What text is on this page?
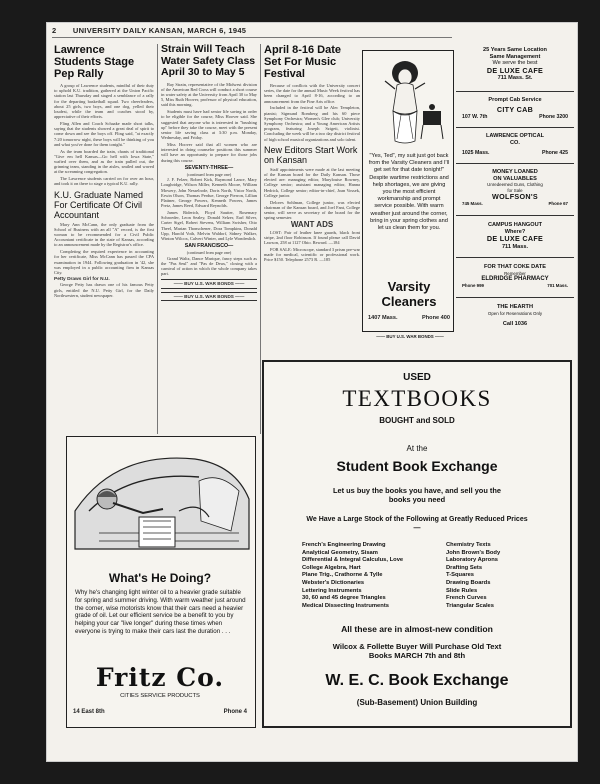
2 UNIVERSITY DAILY KANSAN, MARCH 6, 1945
Lawrence Students Stage Pep Rally

A group of Lawrence students, mindful of their duty to uphold K.U. tradition, gathered at the Union Pacific station last Thursday and staged a semblance of a rally for the departing basketball squad. Two cheerleaders, about 25 girls, two boys, and one dog, yelled their loudest, while the team and coaches stood by, appreciative of their efforts.

Fling Allen and Coach Schaake made short talks, saying that the students showed a great deal of spirit to come down and see the boys off. Fling said, "at exactly 7:20 tomorrow night, these boys will be thinking of you and what you've done for them tonight."

As the team boarded the train, chants of traditional "Give em hell Kansas—Go hell with Iowa State," wafted over them, and as the train pulled out, the grinning team, standing in the aisles, smiled and waved at the screaming congregation.

The Lawrence students carried on for over an hour, and took it on there to stage a typical K.U. rally.

K.U. Graduate Named For Certificate Of Civil Accountant

Mary Ann McCann, the only graduate from the School of Business with an all "A" record, is the first woman to be recommended for a Civil Public Accountant certificate in the state of Kansas, according to an announcement made by the Registrar's office.

Completing the required experience in accounting for her certificate, Miss McCann has passed the CPA examination in 1944. Following graduation in '42, she was employed in a public accounting firm in Kansas City.

Petty Draws Girl for N.U.

George Petty has drawn one of his famous Petty girls, entitled the N.U. Petty Girl, for the Daily Northwestern, student newspaper.

Strain Will Teach Water Safety Class April 30 to May 5

Ray Strain, representative of the Midwest division of the American Red Cross will conduct a short course in water safety at the University from April 30 to May 5, Miss Ruth Hoover, professor of physical education, said this morning.

Students must have had senior life saving in order to be eligible for the course, Miss Hoover said. She suggested that anyone who is interested in "brushing up" before they take the course, meet with the present senior life saving class at 3:30 p.m. Monday, Wednesday, and Friday.

Miss Hoover said that all women who are interested in doing counselor positions this summer will have an opportunity to prepare for those jobs during this course.

SEVENTY-THREE—
(continued from page one)

J. F. Felzer, Robert Kirk, Raymond Lance, Mary Loughridge, Wilson Miller, Kenneth Moore, William Mowery, John Nesselrode, Doris North, Vistor North, Erwin Olson, Thomas Perdue, George Pierron, Lillian Plattner, George Powers, Kenneth Powers, James Pretz, James Reed, Edward Reynolds.

James Riderich, Floyd Sautter, Rosemary Schroeder, Leon Sealey, Donald Selzer, Earl Silver, Carter Sigel, Robert Stevens, William Swisher, Otto Theel, Marian Thonschener, Dora Tompkins, Donald Upp, Harold Voth, Melvin Waldorf, Sidney Walker, Winton Wilcox, Calvert Winter, and Lyle Wondenlich.

SAN FRANCISCO—
(continued from page one)

Grand Waltz, Dance Marique, fancy steps such as the "Pas Seul" and "Pas de Deux," closing with a carnival of action in which the whole company takes part.

—— BUY U.S. WAR BONDS ——
—— BUY U.S. WAR BONDS ——
April 8-16 Date Set For Music Festival

Because of conflicts with the University concert series, the date for the annual Music Week festival has been changed to April 8-16, according to an announcement from the Fine Arts office.

Included in the festival will be Alec Templeton, pianist; Sigmund Romberg and his 60 piece Symphony Orchestra; Women's Glee club; University Symphony Orchestra; and a Young American Artists program, featuring Joseph Szigeti, violinist. Concluding the week will be a two day district festival of high school musical organizations and solo talent.

New Editors Start Work on Kansan

Staff appointments were made at the last meeting of the Kansan board for the Daily Kansan. Those elected are: managing editor, Marylouise Rowney, College senior; assistant managing editor, Hanna Hedrick, College senior; editor-in-chief, Joan Vossek, College junior.

Delores Sohlman, College junior, was elected chairman of the Kansan board, and Joel Fant, College senior, will serve as secretary of the board for the spring semester.

WANT ADS

LOST: Pair of leather knee guards, black front stripe, 2nd floor Robinson. If found please call David Lawson, 258 at 1127 Ohio. Reward. —184

FOR SALE: Microscope, standard 3 prism pre-war made for medical, scientific or professional work. Price $150. Telephone 2573 R. —185

—— BUY U.S. WAR BONDS ——
"Yes, Ted", my suit just got back from the Varsity Cleaners and I'll get set for that date tonight!" Despite wartime restrictions and help shortages, we are giving you the most efficient workmanship and prompt service possible. With warm weather just around the corner, bring in your spring clothes and let us clean them for you.
Varsity Cleaners
1407 Mass.	Phone 400
25 Years Same Location
Same Management
We serve the best
DE LUXE CAFE
711 Mass. St.
Prompt Cab Service
CITY CAB
107 W. 7th	Phone 3200
LAWRENCE OPTICAL
CO.
1025 Mass.	Phone 425
MONEY LOANED
ON VALUABLES
Unredeemed Guns, Clothing
for Sale
WOLFSON'S
745 Mass.	Phone 67
CAMPUS HANGOUT
Where?
DE LUXE CAFE
711 Mass.
FOR THAT COKE DATE
Remember
ELDRIDGE PHARMACY
Phone 999	701 Mass.
THE HEARTH
Open for Reservations Only
Call 1036
What's He Doing?
Why he's changing light winter oil to a heavier grade suitable for spring and summer driving. With warm weather just around the corner, wise motorists know that their cars need a heavier grade of oil. Let our efficient service be a benefit to you by helping your car "live longer" during these times when everyone is trying to make their cars last the duration . . .
Fritz Co.
CITIES SERVICE PRODUCTS
14 East 8th	Phone 4
USED
TEXTBOOKS
BOUGHT and SOLD
At the
Student Book Exchange
Let us buy the books you have, and sell you the books you need
We Have a Large Stock of the Following at Greatly Reduced Prices—
French's Engineering Drawing
Analytical Geometry, Sisam
Differential & Integral Calculus, Love
College Algebra, Hart
Plane Trig., Crathorne & Tylle
Webster's Dictionaries
Lettering Instruments
30, 60 and 45 degree Triangles
Medical Dissecting Instruments
Chemistry Texts
John Brown's Body
Laboratory Aprons
Drafting Sets
T-Squares
Drawing Boards
Slide Rules
French Curves
Triangular Scales
All these are in almost-new condition
Wilcox & Follette Buyer Will Purchase Old Text Books MARCH 7th and 8th
W. E. C. Book Exchange
(Sub-Basement) Union Building
